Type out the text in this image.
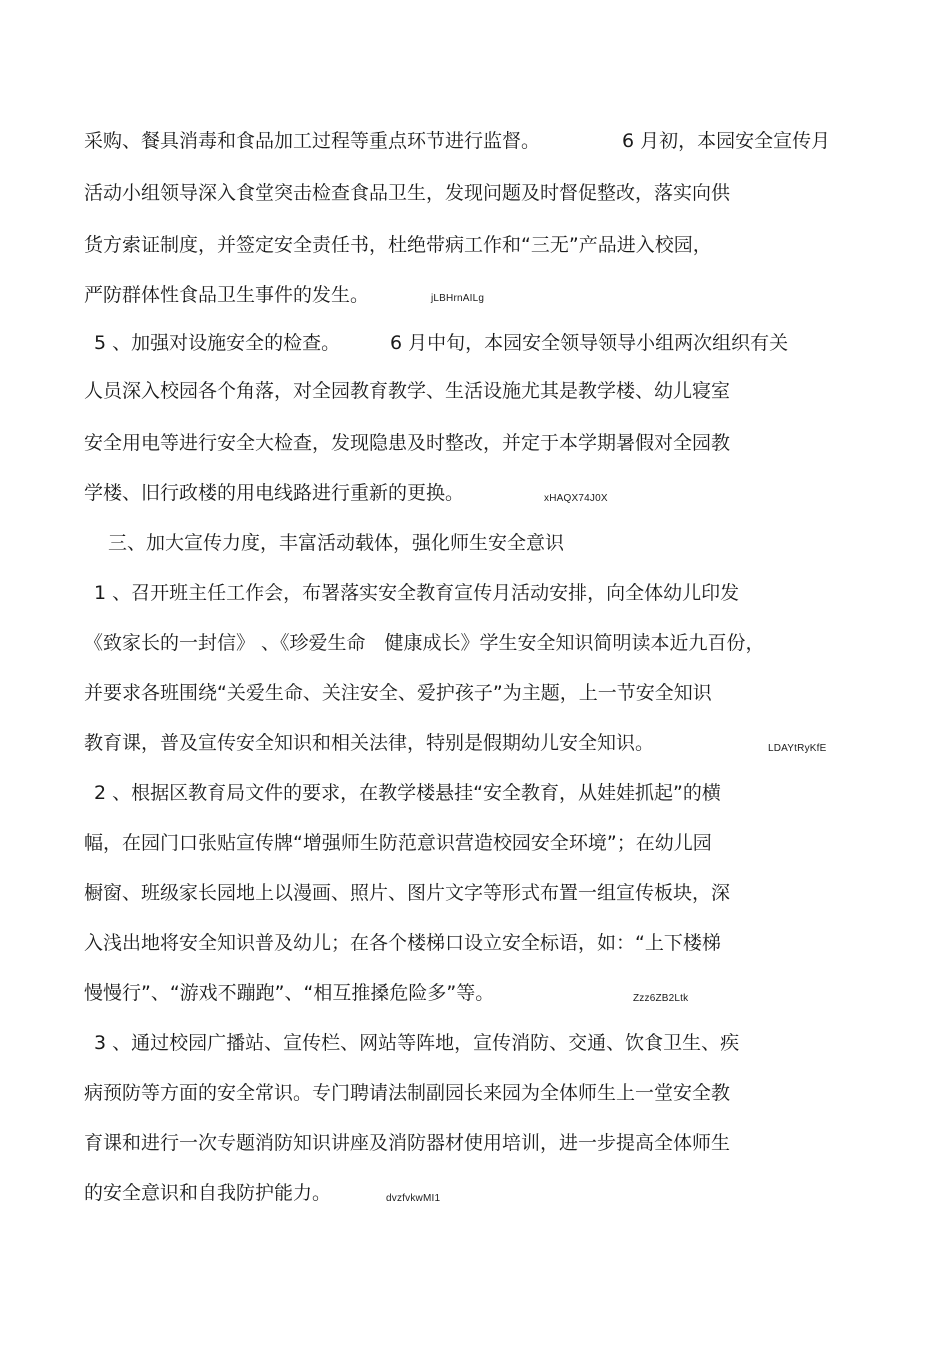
采购、餐具消毒和食品加工过程等重点环节进行监督。	6 月初，本园安全宣传月
活动小组领导深入食堂突击检查食品卫生，发现问题及时督促整改，落实向供
货方索证制度，并签定安全责任书，杜绝带病工作和“三无”产品进入校园，
严防群体性食品卫生事件的发生。	jLBHrnAILg
5 、加强对设施安全的检查。	6 月中旬，本园安全领导领导小组两次组织有关
人员深入校园各个角落，对全园教育教学、生活设施尤其是教学楼、幼儿寝室
安全用电等进行安全大检查，发现隐患及时整改，并定于本学期暑假对全园教
学楼、旧行政楼的用电线路进行重新的更换。	xHAQX74J0X
三、加大宣传力度，丰富活动载体，强化师生安全意识
1 、召开班主任工作会，布署落实安全教育宣传月活动安排，向全体幼儿印发
《致家长的一封信》 、《珍爱生命　健康成长》学生安全知识简明读本近九百份，
并要求各班围绕“关爱生命、关注安全、爱护孩子”为主题，上一节安全知识
教育课，普及宣传安全知识和相关法律，特别是假期幼儿安全知识。	LDAYtRyKfE
2 、根据区教育局文件的要求，在教学楼悬挂“安全教育，从娃娃抓起”的横
幅，在园门口张贴宣传牌“增强师生防范意识营造校园安全环境”；在幼儿园
橱窗、班级家长园地上以漫画、照片、图片文字等形式布置一组宣传板块，深
入浅出地将安全知识普及幼儿；在各个楼梯口设立安全标语，如：“上下楼梯
慢慢行”、“游戏不蹦跑”、“相互推搡危险多”等。	Zzz6ZB2Ltk
3 、通过校园广播站、宣传栏、网站等阵地，宣传消防、交通、饮食卫生、疾
病预防等方面的安全常识。专门聘请法制副园长来园为全体师生上一堂安全教
育课和进行一次专题消防知识讲座及消防器材使用培训，进一步提高全体师生
的安全意识和自我防护能力。	dvzfvkwMI1
